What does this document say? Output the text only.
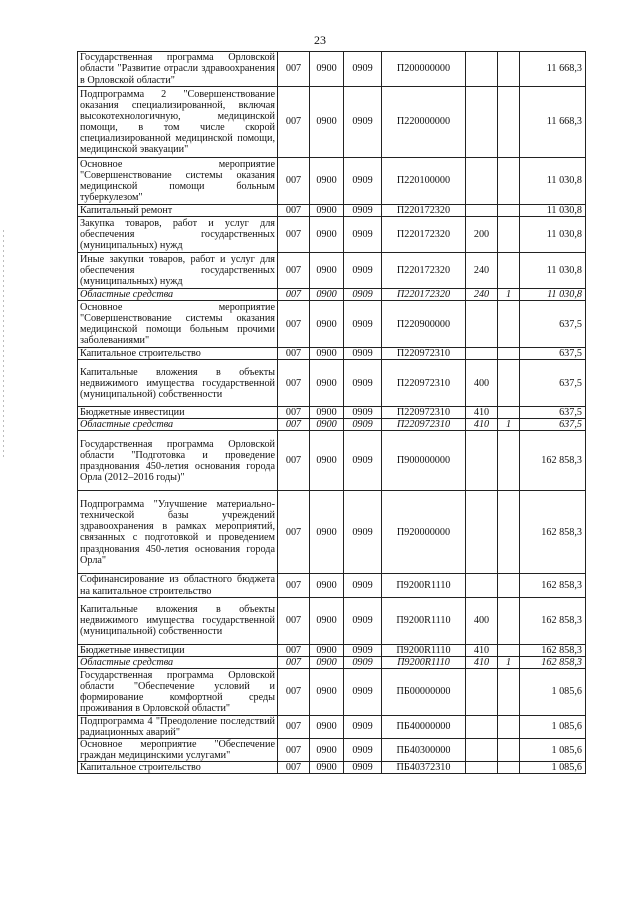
23
Государственная программа Орловской области "Развитие отрасли здравоохранения в Орловской области"	007	0900	0909	П200000000			11 668,3
Подпрограмма 2 "Совершенствование оказания специализированной, включая высокотехнологичную, медицинской помощи, в том числе скорой специализированной медицинской помощи, медицинской эвакуации"	007	0900	0909	П220000000			11 668,3
Основное мероприятие "Совершенствование системы оказания медицинской помощи больным туберкулезом"	007	0900	0909	П220100000			11 030,8
Капитальный ремонт	007	0900	0909	П220172320			11 030,8
Закупка товаров, работ и услуг для обеспечения государственных (муниципальных) нужд	007	0900	0909	П220172320	200		11 030,8
Иные закупки товаров, работ и услуг для обеспечения государственных (муниципальных) нужд	007	0900	0909	П220172320	240		11 030,8
Областные средства	007	0900	0909	П220172320	240	1	11 030,8
Основное мероприятие "Совершенствование системы оказания медицинской помощи больным прочими заболеваниями"	007	0900	0909	П220900000			637,5
Капитальное строительство	007	0900	0909	П220972310			637,5
Капитальные вложения в объекты недвижимого имущества государственной (муниципальной) собственности	007	0900	0909	П220972310	400		637,5
Бюджетные инвестиции	007	0900	0909	П220972310	410		637,5
Областные средства	007	0900	0909	П220972310	410	1	637,5
Государственная программа Орловской области "Подготовка и проведение празднования 450-летия основания города Орла (2012–2016 годы)"	007	0900	0909	П900000000			162 858,3
Подпрограмма "Улучшение материально-технической базы учреждений здравоохранения в рамках мероприятий, связанных с подготовкой и проведением празднования 450-летия основания города Орла"	007	0900	0909	П920000000			162 858,3
Софинансирование из областного бюджета на капитальное строительство	007	0900	0909	П9200R1110			162 858,3
Капитальные вложения в объекты недвижимого имущества государственной (муниципальной) собственности	007	0900	0909	П9200R1110	400		162 858,3
Бюджетные инвестиции	007	0900	0909	П9200R1110	410		162 858,3
Областные средства	007	0900	0909	П9200R1110	410	1	162 858,3
Государственная программа Орловской области "Обеспечение условий и формирование комфортной среды проживания в Орловской области"	007	0900	0909	ПБ00000000			1 085,6
Подпрограмма 4 "Преодоление последствий радиационных аварий"	007	0900	0909	ПБ40000000			1 085,6
Основное мероприятие "Обеспечение граждан медицинскими услугами"	007	0900	0909	ПБ40300000			1 085,6
Капитальное строительство	007	0900	0909	ПБ40372310			1 085,6
